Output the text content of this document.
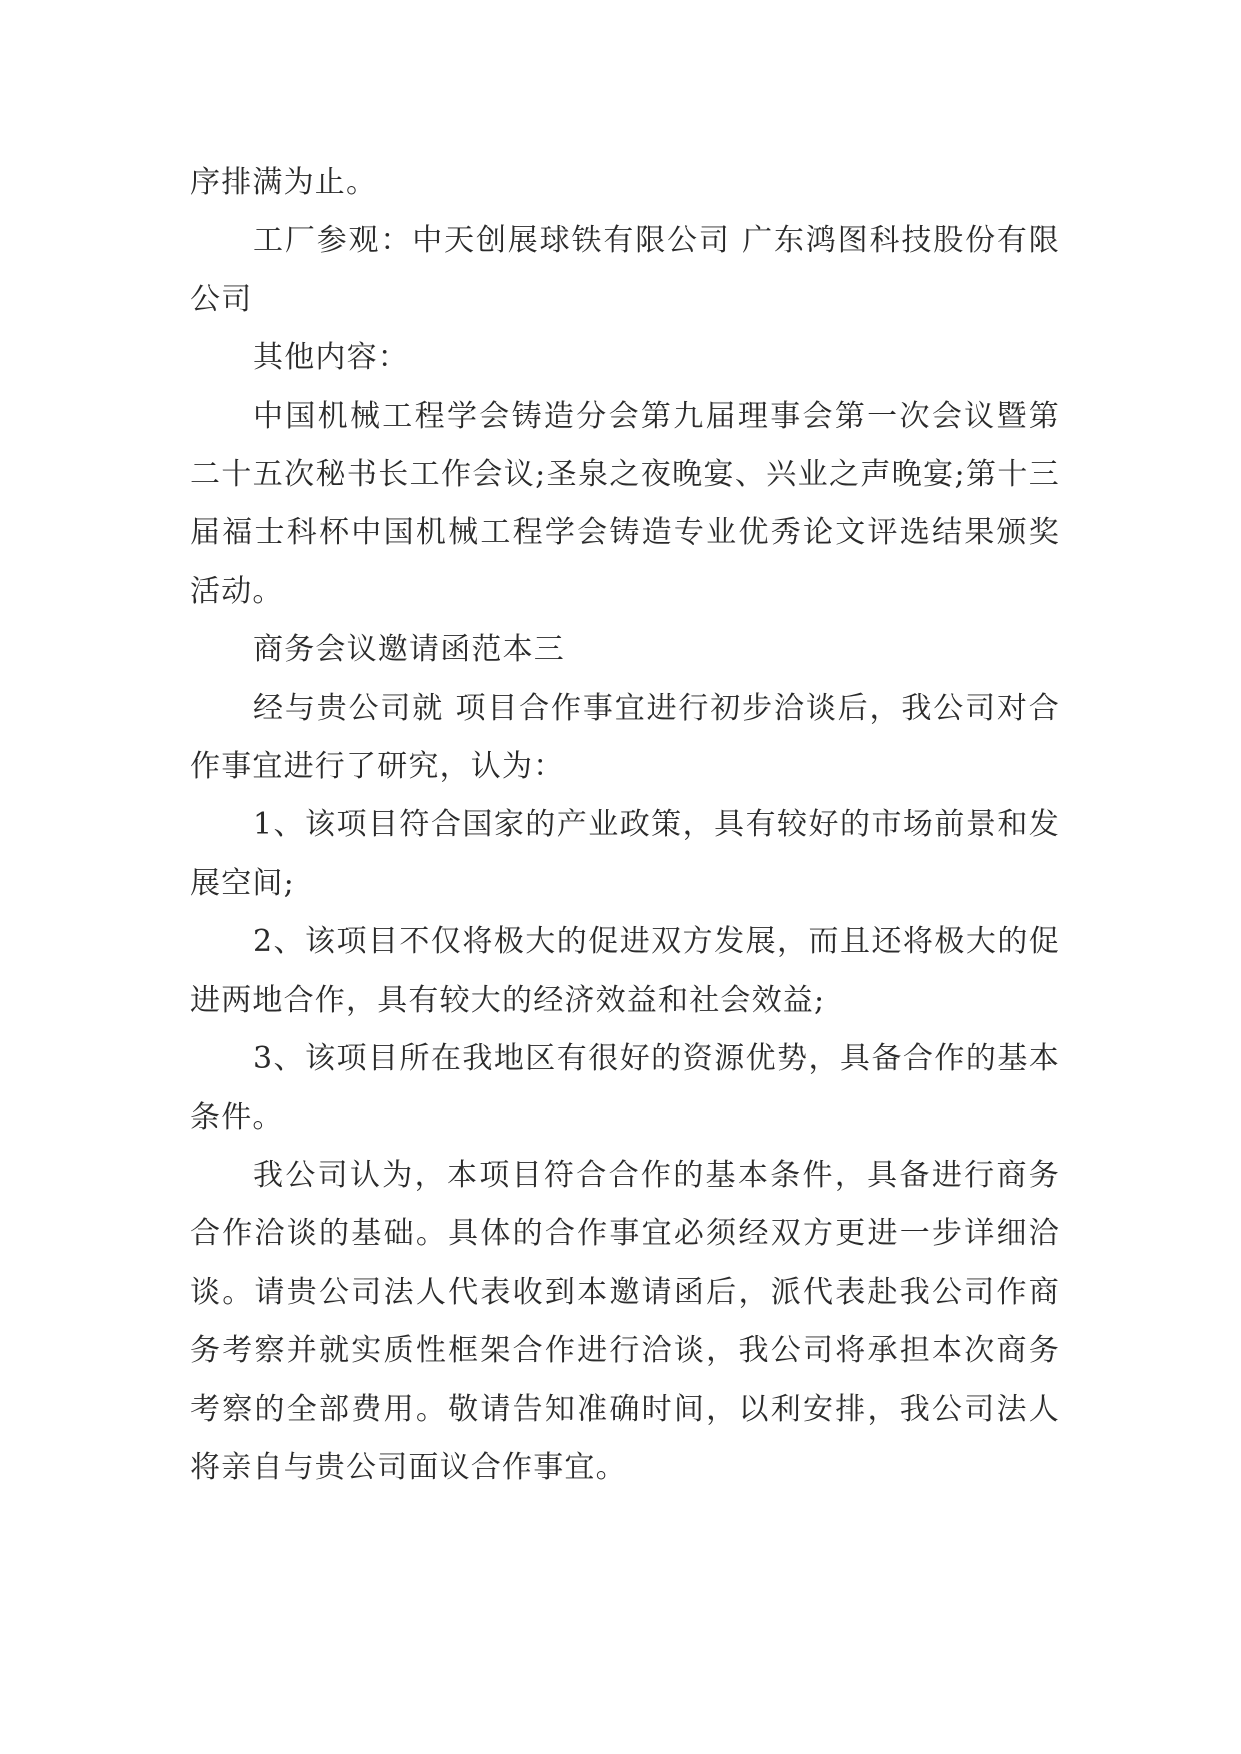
序排满为止。

工厂参观：中天创展球铁有限公司 广东鸿图科技股份有限公司

其他内容：

中国机械工程学会铸造分会第九届理事会第一次会议暨第二十五次秘书长工作会议;圣泉之夜晚宴、兴业之声晚宴;第十三届福士科杯中国机械工程学会铸造专业优秀论文评选结果颁奖活动。

商务会议邀请函范本三

经与贵公司就 项目合作事宜进行初步洽谈后，我公司对合作事宜进行了研究，认为：

1、该项目符合国家的产业政策，具有较好的市场前景和发展空间;

2、该项目不仅将极大的促进双方发展，而且还将极大的促进两地合作，具有较大的经济效益和社会效益;

3、该项目所在我地区有很好的资源优势，具备合作的基本条件。

我公司认为，本项目符合合作的基本条件，具备进行商务合作洽谈的基础。具体的合作事宜必须经双方更进一步详细洽谈。请贵公司法人代表收到本邀请函后，派代表赴我公司作商务考察并就实质性框架合作进行洽谈，我公司将承担本次商务考察的全部费用。敬请告知准确时间，以利安排，我公司法人将亲自与贵公司面议合作事宜。
